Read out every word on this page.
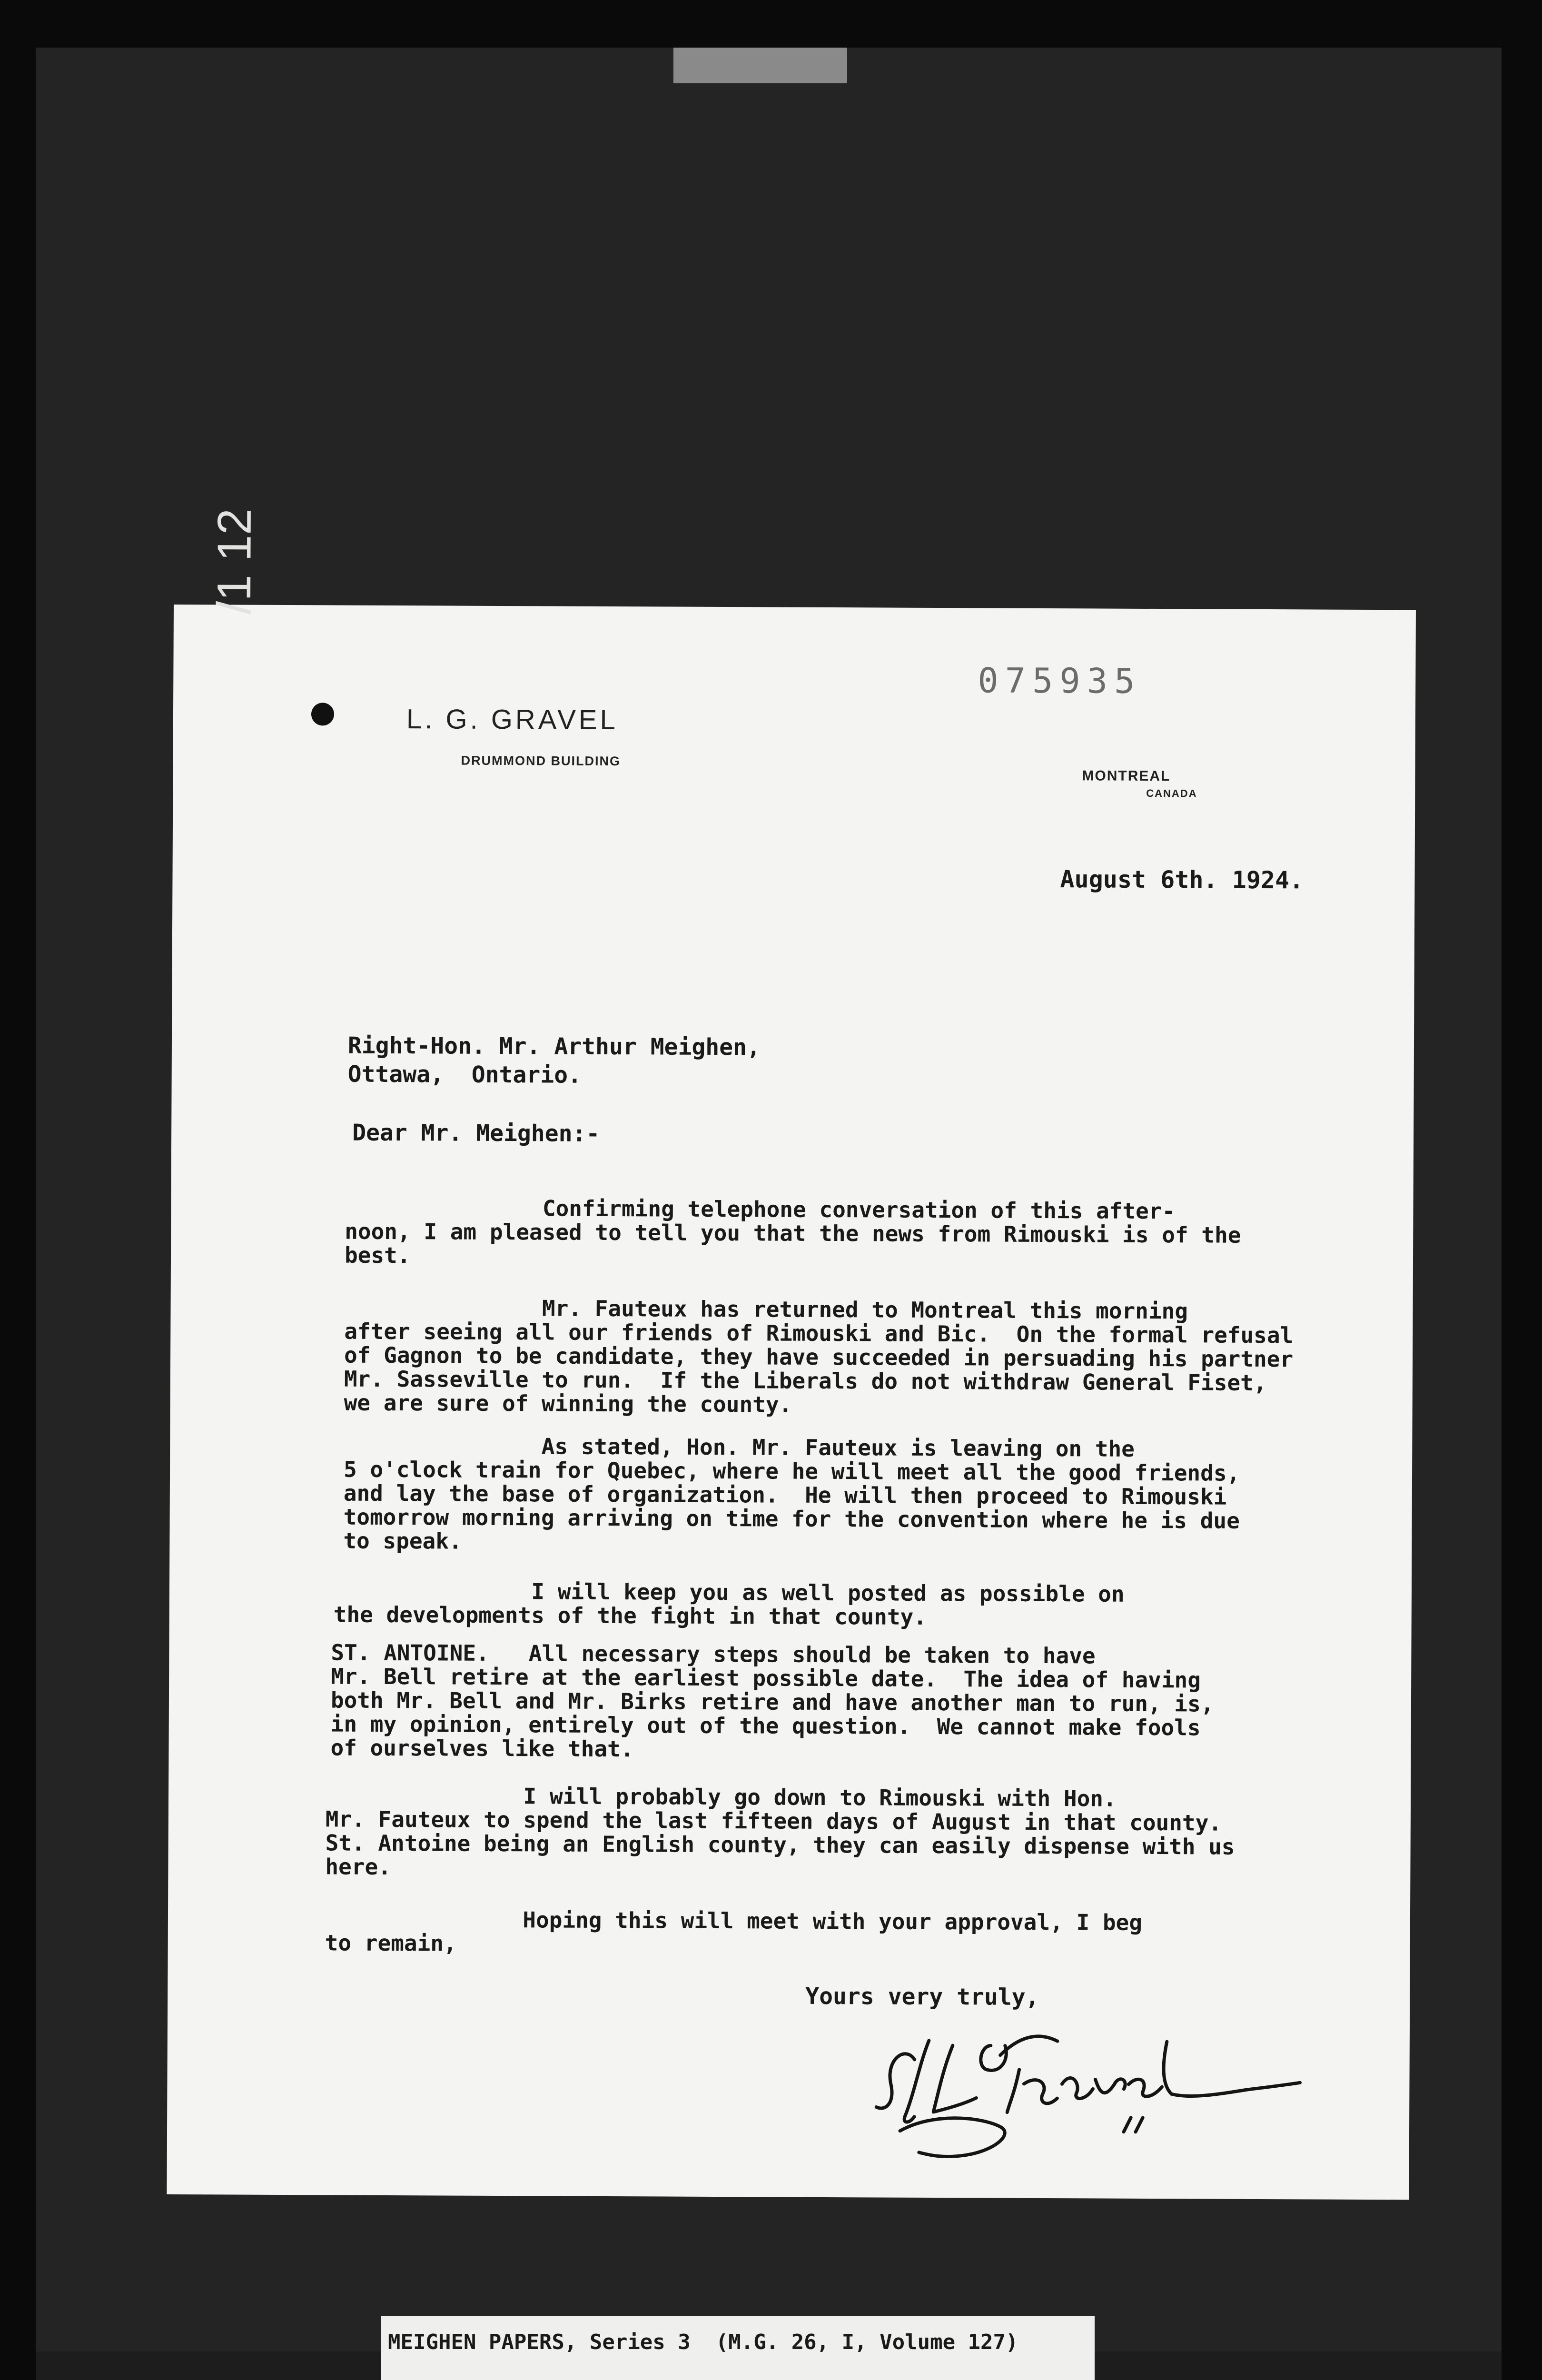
/1 12
075935
L. G. GRAVEL
DRUMMOND BUILDING
MONTREAL
CANADA
August 6th. 1924.
Right-Hon. Mr. Arthur Meighen,
Ottawa,  Ontario.
Dear Mr. Meighen:-
Confirming telephone conversation of this after-
noon, I am pleased to tell you that the news from Rimouski is of the
best.
Mr. Fauteux has returned to Montreal this morning
after seeing all our friends of Rimouski and Bic.  On the formal refusal
of Gagnon to be candidate, they have succeeded in persuading his partner
Mr. Sasseville to run.  If the Liberals do not withdraw General Fiset,
we are sure of winning the county.
As stated, Hon. Mr. Fauteux is leaving on the
5 o'clock train for Quebec, where he will meet all the good friends,
and lay the base of organization.  He will then proceed to Rimouski
tomorrow morning arriving on time for the convention where he is due
to speak.
I will keep you as well posted as possible on
the developments of the fight in that county.
ST. ANTOINE.   All necessary steps should be taken to have
Mr. Bell retire at the earliest possible date.  The idea of having
both Mr. Bell and Mr. Birks retire and have another man to run, is,
in my opinion, entirely out of the question.  We cannot make fools
of ourselves like that.
I will probably go down to Rimouski with Hon.
Mr. Fauteux to spend the last fifteen days of August in that county.
St. Antoine being an English county, they can easily dispense with us
here.
Hoping this will meet with your approval, I beg
to remain,
Yours very truly,
MEIGHEN PAPERS, Series 3  (M.G. 26, I, Volume 127)
